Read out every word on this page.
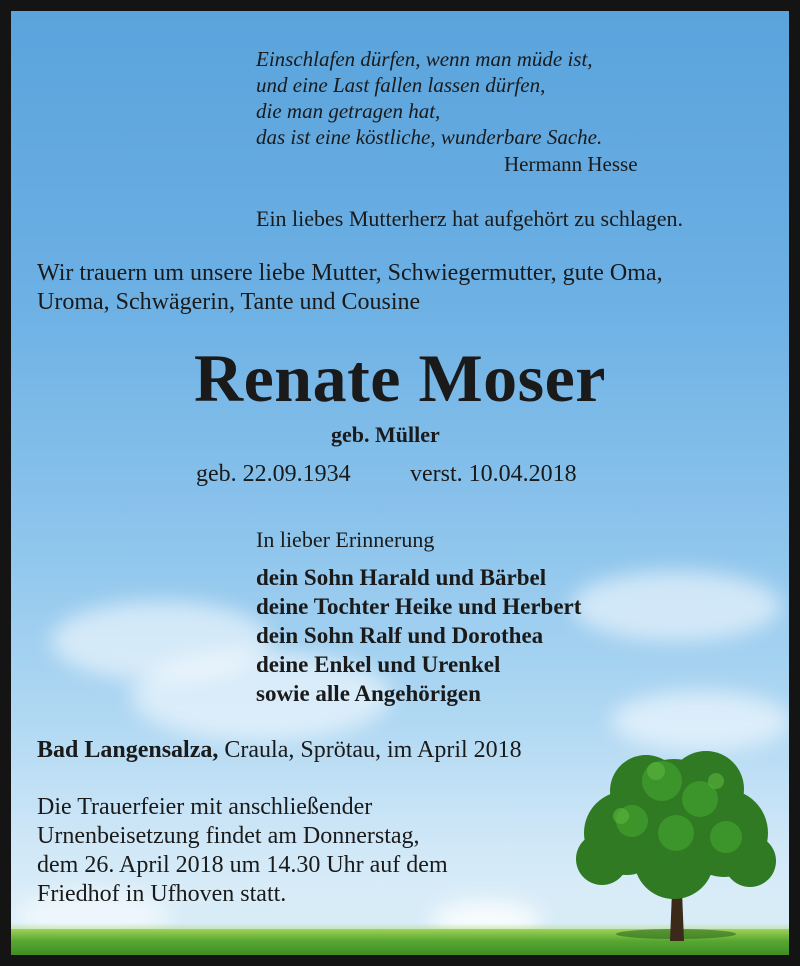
Einschlafen dürfen, wenn man müde ist,
und eine Last fallen lassen dürfen,
die man getragen hat,
das ist eine köstliche, wunderbare Sache.
Hermann Hesse
Ein liebes Mutterherz hat aufgehört zu schlagen.
Wir trauern um unsere liebe Mutter, Schwiegermutter, gute Oma,
Uroma, Schwägerin, Tante und Cousine
Renate Moser
geb. Müller
geb. 22.09.1934 verst. 10.04.2018
In lieber Erinnerung
dein Sohn Harald und Bärbel
deine Tochter Heike und Herbert
dein Sohn Ralf und Dorothea
deine Enkel und Urenkel
sowie alle Angehörigen
Bad Langensalza, Craula, Sprötau, im April 2018
Die Trauerfeier mit anschließender
Urnenbeisetzung findet am Donnerstag,
dem 26. April 2018 um 14.30 Uhr auf dem
Friedhof in Ufhoven statt.
